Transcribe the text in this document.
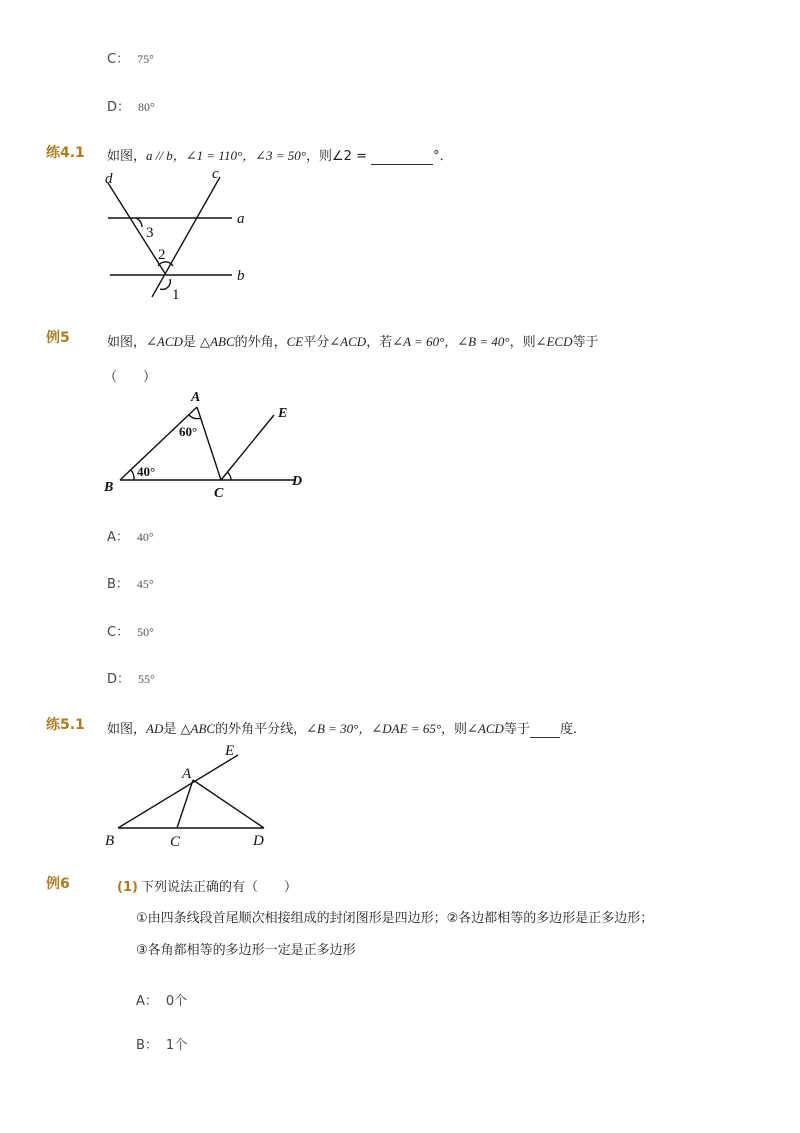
C： 75°
D： 80°
练4.1 如图，a // b，∠1 = 110°，∠3 = 50°，则∠2 =	°．
d	c
a
b
3
2
1
例5	如图，∠ACD是 △ABC的外角，CE平分∠ACD，若∠A = 60°，∠B = 40°，则∠ECD等于
（　　）
A
B	C
D
E
60°
40°
A： 40°
B： 45°
C： 50°
D： 55°
练5.1 如图，AD是 △ABC的外角平分线，∠B = 30°，∠DAE = 65°，则∠ACD等于 度．
E
A
B	C	D
例6	(1) 下列说法正确的有（　　）
①由四条线段首尾顺次相接组成的封闭图形是四边形；②各边都相等的多边形是正多边形；
③各角都相等的多边形一定是正多边形
A： 0个
B： 1个
